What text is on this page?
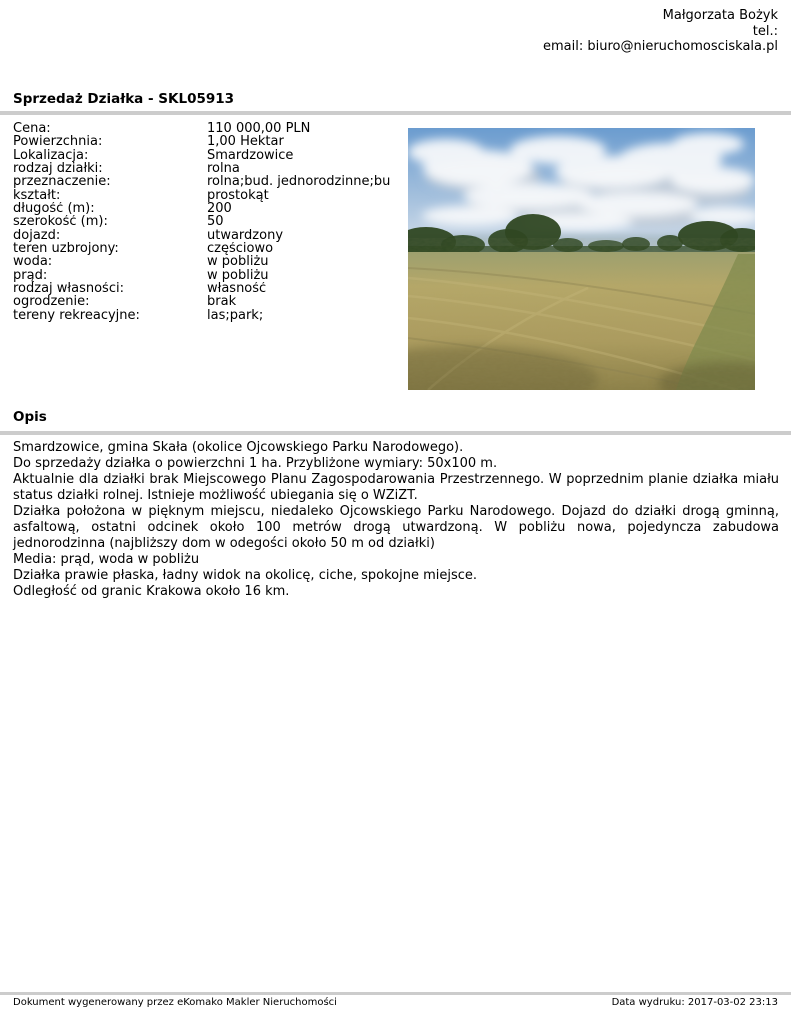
Małgorzata Bożyk
tel.:
email: biuro@nieruchomosciskala.pl
Sprzedaż Działka - SKL05913
Cena:	110 000,00 PLN
Powierzchnia:	1,00 Hektar
Lokalizacja:	Smardzowice
rodzaj działki:	rolna
przeznaczenie:	rolna;bud. jednorodzinne;bu
kształt:	prostokąt
długość (m):	200
szerokość (m):	50
dojazd:	utwardzony
teren uzbrojony:	częściowo
woda:	w pobliżu
prąd:	w pobliżu
rodzaj własności:	własność
ogrodzenie:	brak
tereny rekreacyjne:	las;park;
Opis

Smardzowice, gmina Skała (okolice Ojcowskiego Parku Narodowego).

Do sprzedaży działka o powierzchni 1 ha. Przybliżone wymiary: 50x100 m.

Aktualnie dla działki brak Miejscowego Planu Zagospodarowania Przestrzennego. W poprzednim planie działka miału status działki rolnej. Istnieje możliwość ubiegania się o WZiZT.

Działka położona w pięknym miejscu, niedaleko Ojcowskiego Parku Narodowego. Dojazd do działki drogą gminną, asfaltową, ostatni odcinek około 100 metrów drogą utwardzoną. W pobliżu nowa, pojedyncza zabudowa jednorodzinna (najbliższy dom w odegości około 50 m od działki)

Media: prąd, woda w pobliżu

Działka prawie płaska, ładny widok na okolicę, ciche, spokojne miejsce.

Odległość od granic Krakowa około 16 km.

Dokument wygenerowany przez eKomako Makler Nieruchomości	Data wydruku: 2017-03-02 23:13
